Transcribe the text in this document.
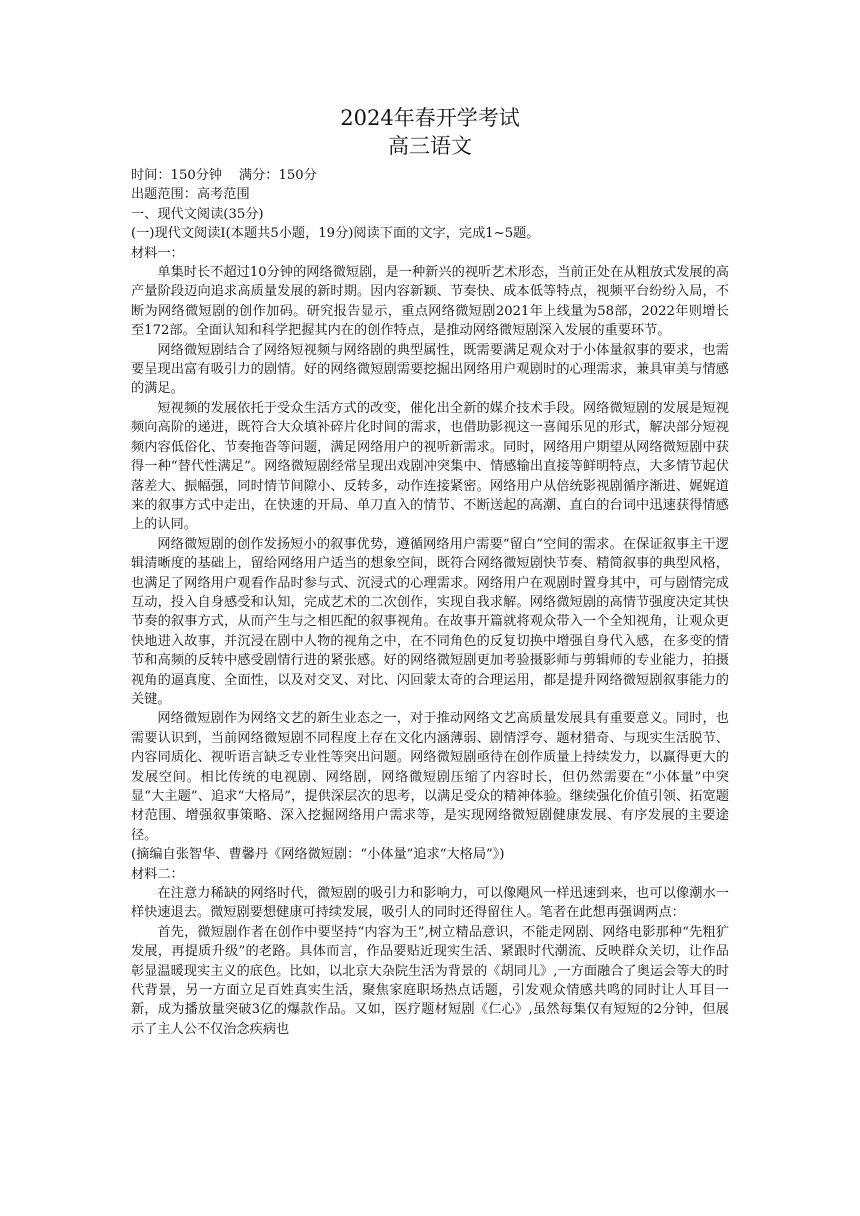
2024年春开学考试
高三语文

时间：150分钟    满分：150分

出题范围：高考范围

一、现代文阅读(35分)

(一)现代文阅读Ⅰ(本题共5小题，19分)阅读下面的文字，完成1~5题。

材料一：

单集时长不超过10分钟的网络微短剧，是一种新兴的视听艺术形态，当前正处在从粗放式发展的高产量阶段迈向追求高质量发展的新时期。因内容新颖、节奏快、成本低等特点，视频平台纷纷入局，不断为网络微短剧的创作加码。研究报告显示，重点网络微短剧2021年上线量为58部，2022年则增长至172部。全面认知和科学把握其内在的创作特点，是推动网络微短剧深入发展的重要环节。

网络微短剧结合了网络短视频与网络剧的典型属性，既需要满足观众对于小体量叙事的要求，也需要呈现出富有吸引力的剧情。好的网络微短剧需要挖掘出网络用户观剧时的心理需求，兼具审美与情感的满足。

短视频的发展依托于受众生活方式的改变，催化出全新的媒介技术手段。网络微短剧的发展是短视频向高阶的递进，既符合大众填补碎片化时间的需求，也借助影视这一喜闻乐见的形式，解决部分短视频内容低俗化、节奏拖沓等问题，满足网络用户的视听新需求。同时，网络用户期望从网络微短剧中获得一种“替代性满足”。网络微短剧经常呈现出戏剧冲突集中、情感输出直接等鲜明特点，大多情节起伏落差大、振幅强，同时情节间隙小、反转多，动作连接紧密。网络用户从倍统影视剧循序渐进、娓娓道来的叙事方式中走出，在快速的开局、单刀直入的情节、不断送起的高潮、直白的台词中迅速获得情感上的认同。

网络微短剧的创作发扬短小的叙事优势，遵循网络用户需要“留白”空间的需求。在保证叙事主干逻辑清晰度的基础上，留给网络用户适当的想象空间，既符合网络微短剧快节奏、精简叙事的典型风格，也满足了网络用户观看作品时参与式、沉浸式的心理需求。网络用户在观剧时置身其中，可与剧情完成互动，投入自身感受和认知，完成艺术的二次创作，实现自我求解。网络微短剧的高情节强度决定其快节奏的叙事方式，从而产生与之相匹配的叙事视角。在故事开篇就将观众带入一个全知视角，让观众更快地进入故事，并沉浸在剧中人物的视角之中，在不同角色的反复切换中增强自身代入感，在多变的情节和高频的反转中感受剧情行进的紧张感。好的网络微短剧更加考验摄影师与剪辑师的专业能力，拍摄视角的逼真度、全面性，以及对交叉、对比、闪回蒙太奇的合理运用，都是提升网络微短剧叙事能力的关键。

网络微短剧作为网络文艺的新生业态之一，对于推动网络文艺高质量发展具有重要意义。同时，也需要认识到，当前网络微短剧不同程度上存在文化内涵薄弱、剧情浮夸、题材猎奇、与现实生活脱节、内容同质化、视听语言缺乏专业性等突出问题。网络微短剧亟待在创作质量上持续发力，以赢得更大的发展空间。相比传统的电视剧、网络剧，网络微短剧压缩了内容时长，但仍然需要在“小体量”中突显“大主题”、追求“大格局”，提供深层次的思考，以满足受众的精神体验。继续强化价值引领、拓宽题材范围、增强叙事策略、深入挖掘网络用户需求等，是实现网络微短剧健康发展、有序发展的主要途径。

(摘编自张智华、曹馨丹《网络微短剧：“小体量”追求“大格局”》)

材料二：

在注意力稀缺的网络时代，微短剧的吸引力和影响力，可以像飓风一样迅速到来，也可以像潮水一样快速退去。微短剧要想健康可持续发展，吸引人的同时还得留住人。笔者在此想再强调两点：

首先，微短剧作者在创作中要坚持“内容为王”,树立精品意识，不能走网剧、网络电影那种“先粗犷发展，再提质升级”的老路。具体而言，作品要贴近现实生活、紧跟时代潮流、反映群众关切，让作品彰显温暖现实主义的底色。比如，以北京大杂院生活为背景的《胡同儿》,一方面融合了奥运会等大的时代背景，另一方面立足百姓真实生活，聚焦家庭职场热点话题，引发观众情感共鸣的同时让人耳目一新，成为播放量突破3亿的爆款作品。又如，医疗题材短剧《仁心》,虽然每集仅有短短的2分钟，但展示了主人公不仅治念疾病也
